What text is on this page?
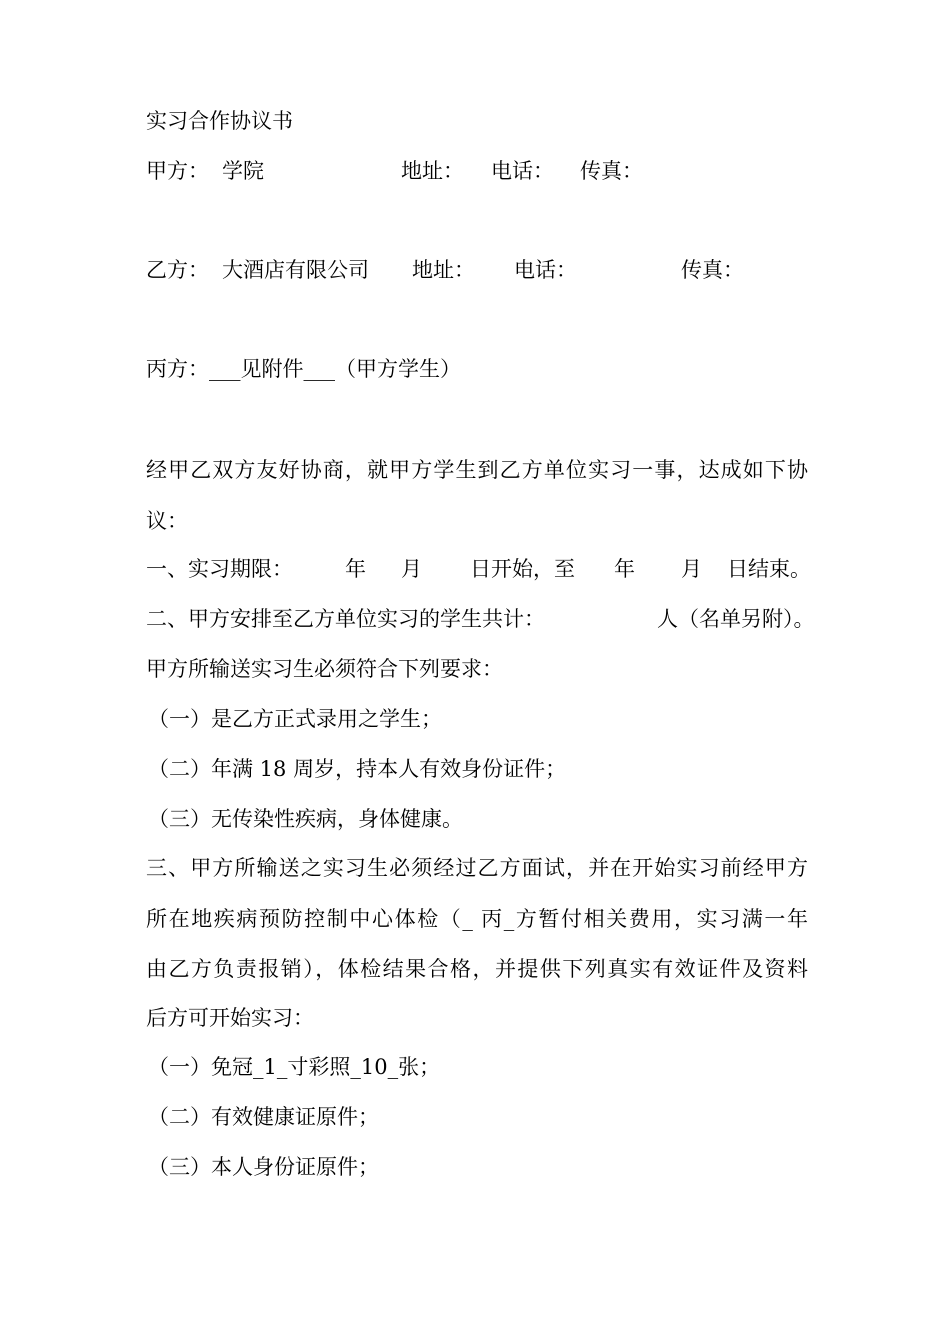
实习合作协议书
甲方： 学院	地址： 电话： 传真：
乙方： 大酒店有限公司 地址： 电话：	传真：
丙方：___见附件___（甲方学生）
经甲乙双方友好协商，就甲方学生到乙方单位实习一事，达成如下协
议：
一、实习期限： 年 月 日开始，至 年 月 日结束。
二、甲方安排至乙方单位实习的学生共计：	人（名单另附）。
甲方所输送实习生必须符合下列要求：
（一）是乙方正式录用之学生；
（二）年满 18 周岁，持本人有效身份证件；
（三）无传染性疾病，身体健康。
三、甲方所输送之实习生必须经过乙方面试，并在开始实习前经甲方
所在地疾病预防控制中心体检（_ 丙_方暂付相关费用，实习满一年
由乙方负责报销），体检结果合格，并提供下列真实有效证件及资料
后方可开始实习：
（一）免冠_1_寸彩照_10_张；
（二）有效健康证原件；
（三）本人身份证原件；
